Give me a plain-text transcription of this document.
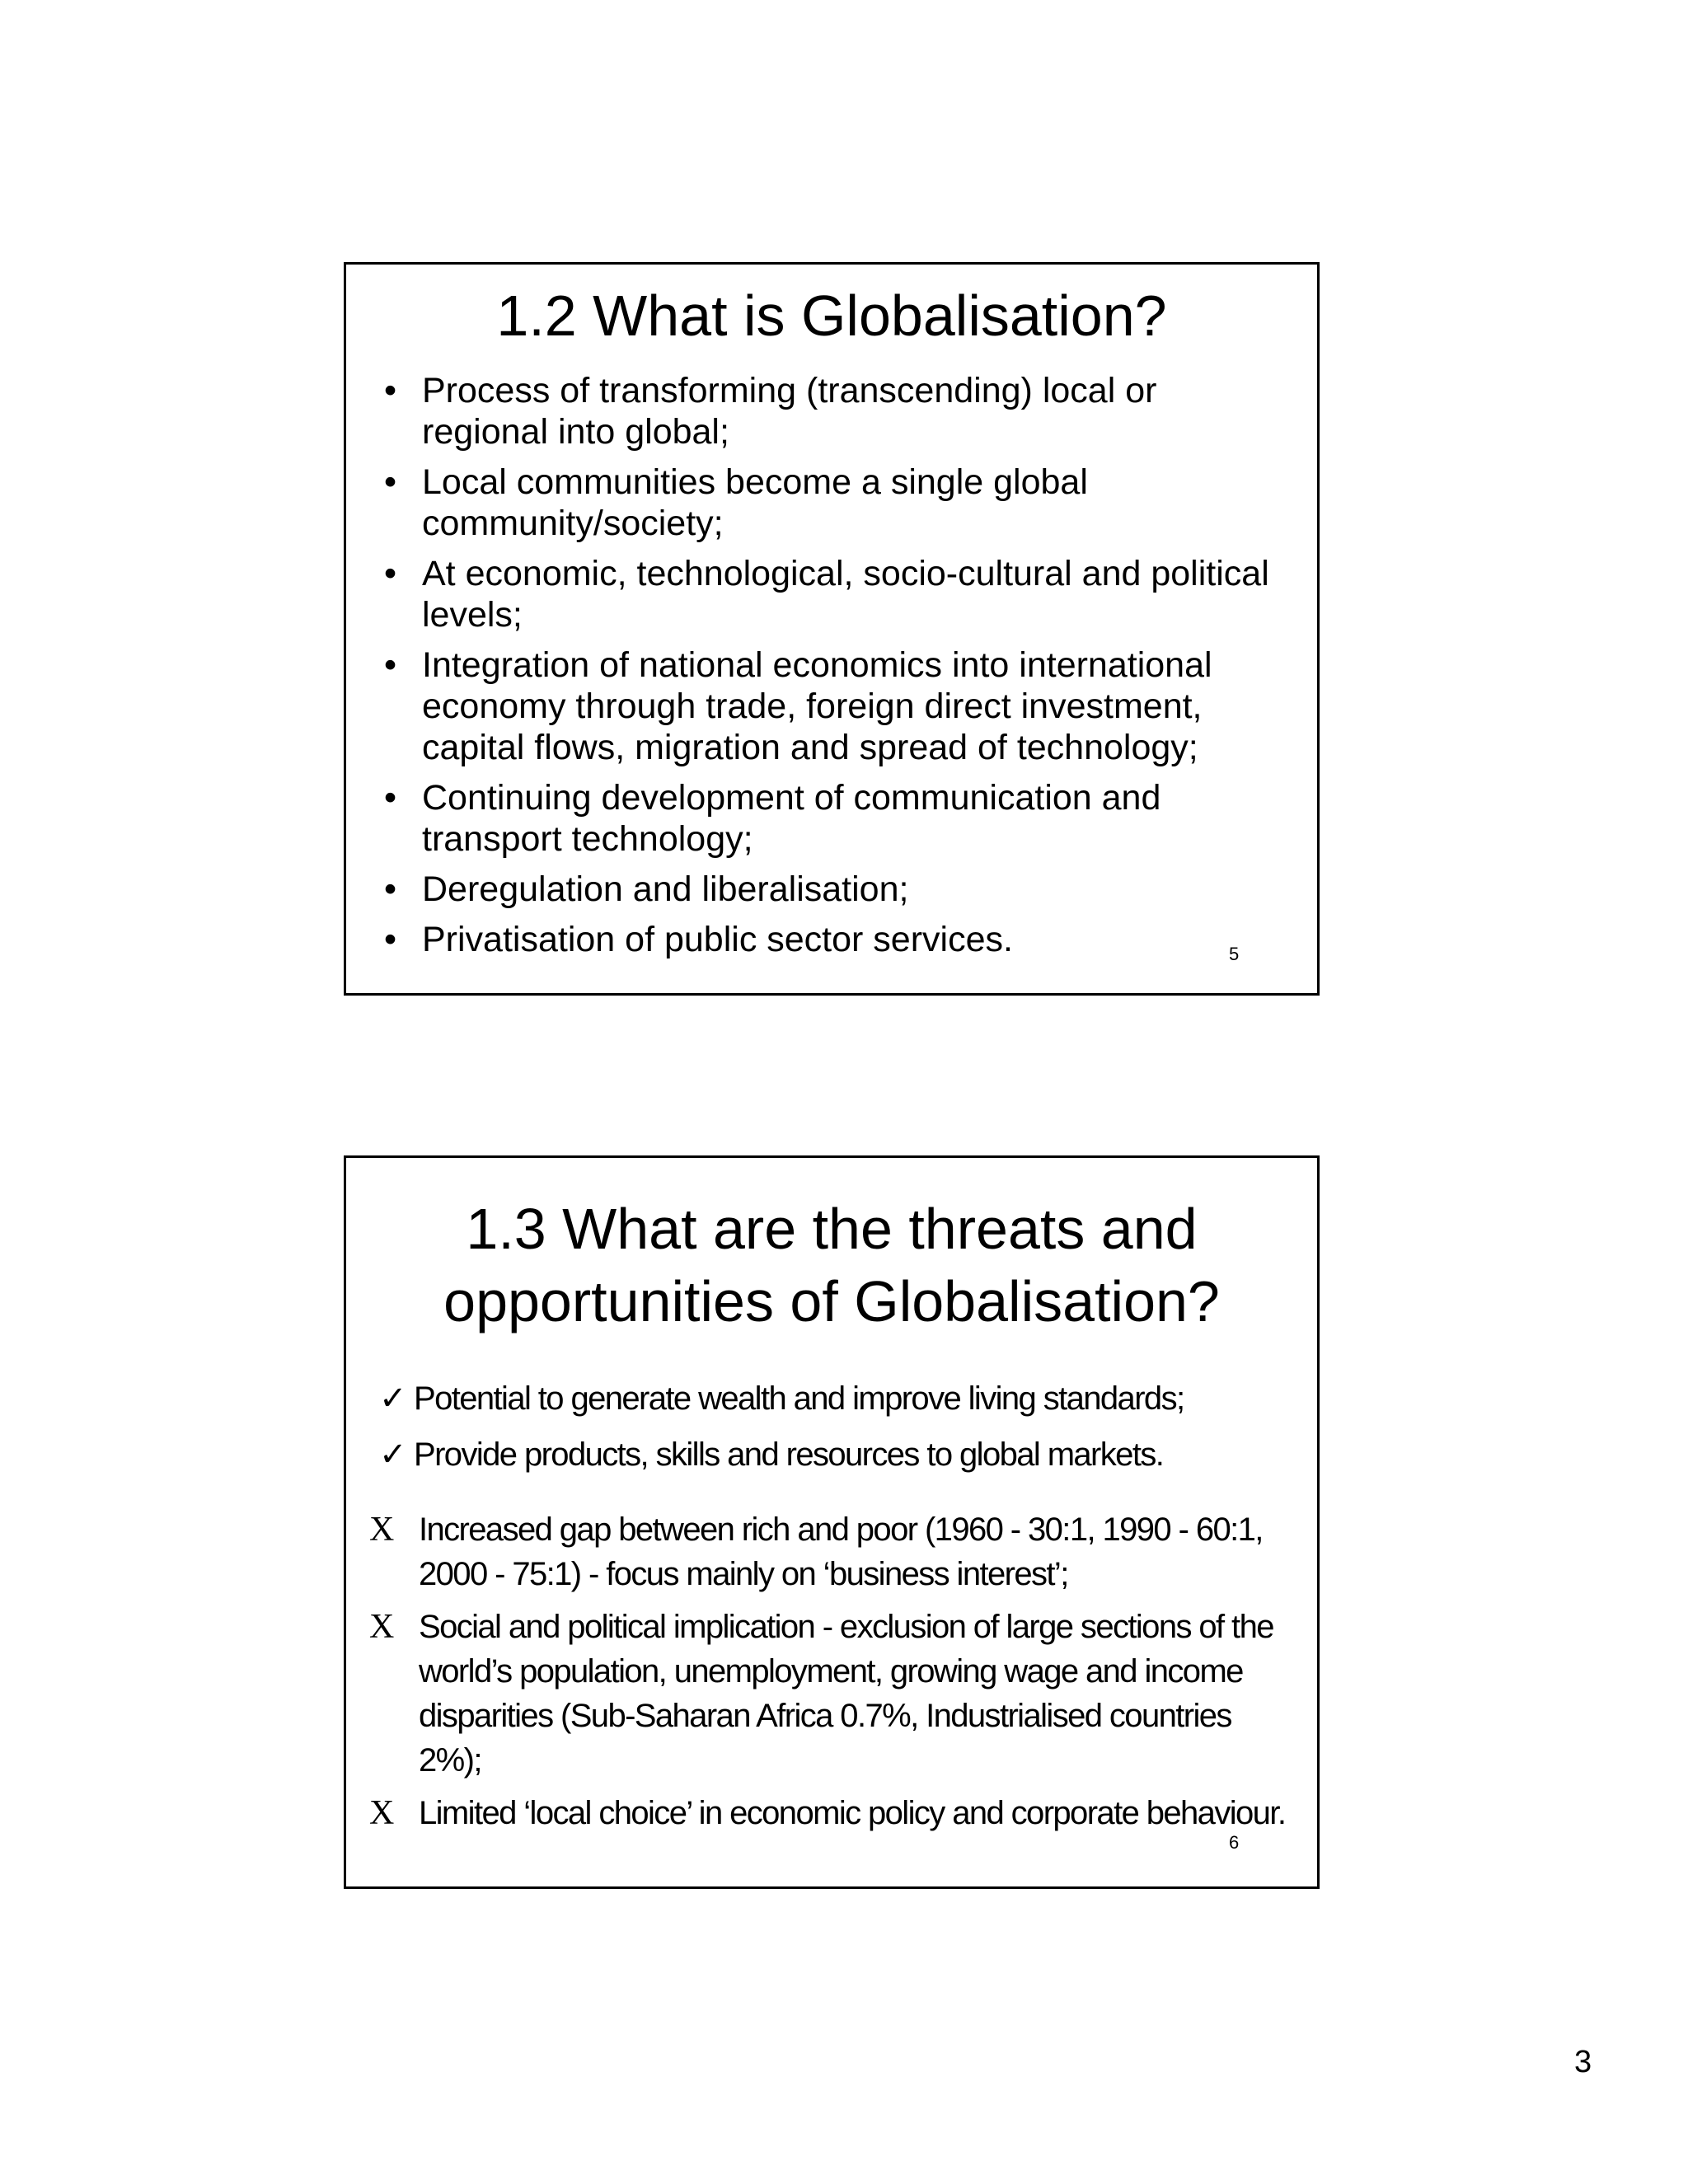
1.2 What is Globalisation?
• Process of transforming (transcending) local or regional into global;
• Local communities become a single global community/society;
• At economic, technological, socio-cultural and political levels;
• Integration of national economics into international economy through trade, foreign direct investment, capital flows, migration and spread of technology;
• Continuing development of communication and transport technology;
• Deregulation and liberalisation;
• Privatisation of public sector services.	5
1.3 What are the threats and opportunities of Globalisation?
✓ Potential to generate wealth and improve living standards;
✓ Provide products, skills and resources to global markets.
X Increased gap between rich and poor (1960 - 30:1, 1990 - 60:1, 2000 - 75:1) - focus mainly on ‘business interest’;
X Social and political implication - exclusion of large sections of the world’s population, unemployment, growing wage and income disparities (Sub-Saharan Africa 0.7%, Industrialised countries 2%);
X Limited ‘local choice’ in economic policy and corporate behaviour.
6
3
